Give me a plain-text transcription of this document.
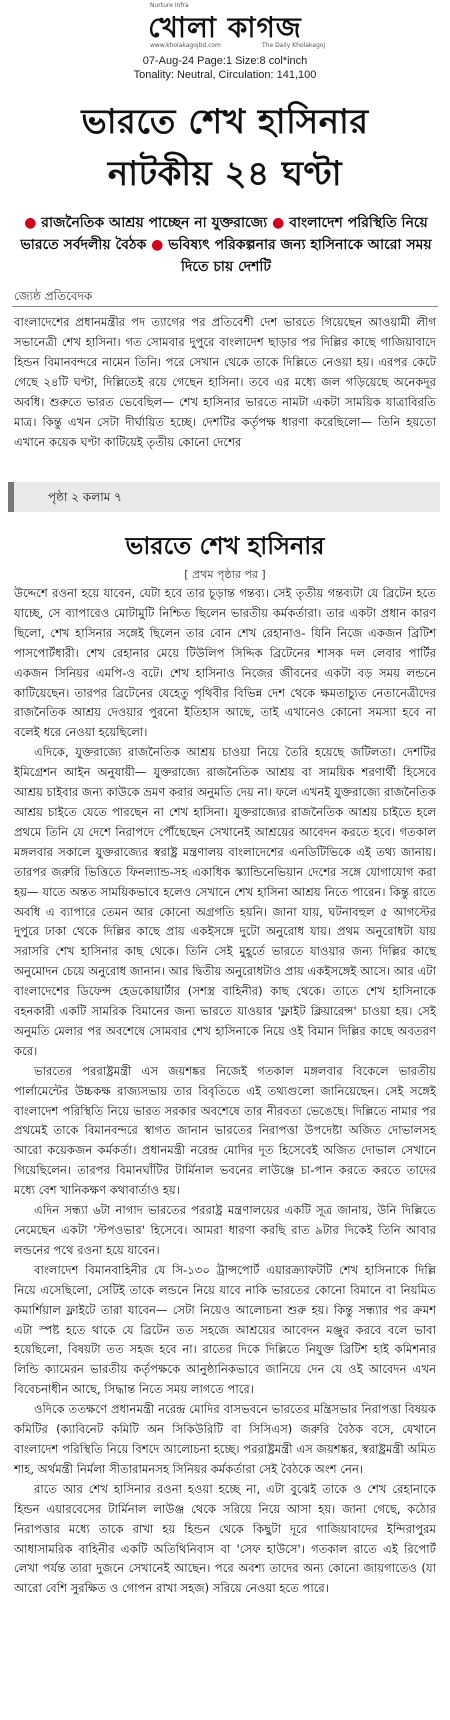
Nurture Infra
খোলা কাগজ
www.kholakagojbd.com	The Daily Kholakagoj
07-Aug-24 Page:1 Size:8 col*inch
Tonality: Neutral, Circulation: 141,100
ভারতে শেখ হাসিনার
নাটকীয় ২৪ ঘণ্টা
● রাজনৈতিক আশ্রয় পাচ্ছেন না যুক্তরাজ্যে ● বাংলাদেশ পরিস্থিতি নিয়ে ভারতে সর্বদলীয় বৈঠক ● ভবিষ্যৎ পরিকল্পনার জন্য হাসিনাকে আরো সময় দিতে চায় দেশটি
জ্যেষ্ঠ প্রতিবেদক
বাংলাদেশের প্রধানমন্ত্রীর পদ ত্যাগের পর প্রতিবেশী দেশ ভারতে গিয়েছেন আওয়ামী লীগ সভানেত্রী শেখ হাসিনা। গত সোমবার দুপুরে বাংলাদেশ ছাড়ার পর দিল্লির কাছে গাজিয়াবাদে হিন্ডন বিমানবন্দরে নামেন তিনি। পরে সেখান থেকে তাকে দিল্লিতে নেওয়া হয়। এরপর কেটে গেছে ২৪টি ঘণ্টা, দিল্লিতেই রয়ে গেছেন হাসিনা। তবে এর মধ্যে জল গড়িয়েছে অনেকদূর অবধি। শুরুতে ভারত ভেবেছিল— শেখ হাসিনার ভারতে নামটা একটা সাময়িক যাত্রাবিরতি মাত্র। কিন্তু এখন সেটা দীর্ঘায়িত হচ্ছে। দেশটির কর্তৃপক্ষ ধারণা করেছিলো— তিনি হয়তো এখানে কয়েক ঘণ্টা কাটিয়েই তৃতীয় কোনো দেশের
পৃষ্ঠা ২ কলাম ৭
ভারতে শেখ হাসিনার
[ প্রথম পৃষ্ঠার পর ]

উদ্দেশে রওনা হয়ে যাবেন, যেটা হবে তার চূড়ান্ত গন্তব্য। সেই তৃতীয় গন্তব্যটা যে ব্রিটেন হতে যাচ্ছে, সে ব্যাপারেও মোটামুটি নিশ্চিত ছিলেন ভারতীয় কর্মকর্তারা। তার একটা প্রধান কারণ ছিলো, শেখ হাসিনার সঙ্গেই ছিলেন তার বোন শেখ রেহানাও- যিনি নিজে একজন ব্রিটিশ পাসপোর্টধারী। শেখ রেহানার মেয়ে টিউলিপ সিদ্দিক ব্রিটেনের শাসক দল লেবার পার্টির একজন সিনিয়র এমপি-ও বটে। শেখ হাসিনাও নিজের জীবনের একটা বড় সময় লন্ডনে কাটিয়েছেন। তারপর ব্রিটেনের যেহেতু পৃথিবীর বিভিন্ন দেশ থেকে ক্ষমতাচ্যুত নেতানেত্রীদের রাজনৈতিক আশ্রয় দেওয়ার পুরনো ইতিহাস আছে, তাই এখানেও কোনো সমস্যা হবে না বলেই ধরে নেওয়া হয়েছিলো।

এদিকে, যুক্তরাজ্যে রাজনৈতিক আশ্রয় চাওয়া নিয়ে তৈরি হয়েছে জটিলতা। দেশটির ইমিগ্রেশন আইন অনুযায়ী— যুক্তরাজ্যে রাজনৈতিক আশ্রয় বা সাময়িক শরণার্থী হিসেবে আশ্রয় চাইবার জন্য কাউকে ভ্রমণ করার অনুমতি দেয় না। ফলে এখনই যুক্তরাজ্যে রাজনৈতিক আশ্রয় চাইতে যেতে পারছেন না শেখ হাসিনা। যুক্তরাজ্যের রাজনৈতিক আশ্রয় চাইতে হলে প্রথমে তিনি যে দেশে নিরাপদে পৌঁছেছেন সেখানেই আশ্রয়ের আবেদন করতে হবে। গতকাল মঙ্গলবার সকালে যুক্তরাজ্যের স্বরাষ্ট্র মন্ত্রণালয় বাংলাদেশের এনডিটিভিকে এই তথ্য জানায়। তারপর জরুরি ভিত্তিতে ফিনল্যান্ড-সহ একাধিক স্ক্যান্ডিনেভিয়ান দেশের সঙ্গে যোগাযোগ করা হয়— যাতে অন্তত সাময়িকভাবে হলেও সেখানে শেখ হাসিনা আশ্রয় নিতে পারেন। কিন্তু রাতে অবধি এ ব্যাপারে তেমন আর কোনো অগ্রগতি হয়নি। জানা যায়, ঘটনাবহুল ৫ আগস্টের দুপুরে ঢাকা থেকে দিল্লির কাছে প্রায় একইসঙ্গে দুটো অনুরোধ যায়। প্রথম অনুরোধটা যায় সরাসরি শেখ হাসিনার কাছ থেকে। তিনি সেই মুহূর্তে ভারতে যাওয়ার জন্য দিল্লির কাছে অনুমোদন চেয়ে অনুরোধ জানান। আর দ্বিতীয় অনুরোধটাও প্রায় একইসঙ্গেই আসে। আর এটা বাংলাদেশের ডিফেন্স হেডকোয়ার্টার (সশস্ত্র বাহিনীর) কাছ থেকে। তাতে শেখ হাসিনাকে বহনকারী একটি সামরিক বিমানের জন্য ভারতে যাওয়ার 'ফ্লাইট ক্লিয়ারেন্স' চাওয়া হয়। সেই অনুমতি মেলার পর অবশেষে সোমবার শেখ হাসিনাকে নিয়ে ওই বিমান দিল্লির কাছে অবতরণ করে।

ভারতের পররাষ্ট্রমন্ত্রী এস জয়শঙ্কর নিজেই গতকাল মঙ্গলবার বিকেলে ভারতীয় পার্লামেন্টের উচ্চকক্ষ রাজ্যসভায় তার বিবৃতিতে এই তথ্যগুলো জানিয়েছেন। সেই সঙ্গেই বাংলাদেশ পরিস্থিতি নিয়ে ভারত সরকার অবশেষে তার নীরবতা ভেঙেছে। দিল্লিতে নামার পর প্রথমেই তাকে বিমানবন্দরে স্বাগত জানান ভারতের নিরাপত্তা উপদেষ্টা অজিত দোভালসহ আরো কয়েকজন কর্মকর্তা। প্রধানমন্ত্রী নরেন্দ্র মোদির দূত হিসেবেই অজিত দোভাল সেখানে গিয়েছিলেন। তারপর বিমানঘাঁটির টার্মিনাল ভবনের লাউঞ্জে চা-পান করতে করতে তাদের মধ্যে বেশ খানিকক্ষণ কথাবার্তাও হয়।

এদিন সন্ধ্যা ৬টা নাগাদ ভারতের পররাষ্ট্র মন্ত্রণালয়ের একটি সূত্র জানায়, উনি দিল্লিতে নেমেছেন একটা 'স্টপওভার' হিসেবে। আমরা ধারণা করছি রাত ৯টার দিকেই তিনি আবার লন্ডনের পথে রওনা হয়ে যাবেন।

বাংলাদেশ বিমানবাহিনীর যে সি-১৩০ ট্রান্সপোর্ট এয়ারক্র্যাফটটি শেখ হাসিনাকে দিল্লি নিয়ে এসেছিলো, সেটিই তাকে লন্ডনে নিয়ে যাবে নাকি ভারতের কোনো বিমানে বা নিয়মিত কমার্শিয়াল ফ্লাইটে তারা যাবেন— সেটা নিয়েও আলোচনা শুরু হয়। কিন্তু সন্ধ্যার পর ক্রমশ এটা স্পষ্ট হতে থাকে যে ব্রিটেন তত সহজে আশ্রয়ের আবেদন মঞ্জুর করবে বলে ভাবা হয়েছিলো, বিষয়টা তত সহজ হবে না। রাতের দিকে দিল্লিতে নিযুক্ত ব্রিটিশ হাই কমিশনার লিন্ডি ক্যামেরন ভারতীয় কর্তৃপক্ষকে আনুষ্ঠানিকভাবে জানিয়ে দেন যে ওই আবেদন এখন বিবেচনাধীন আছে, সিদ্ধান্ত নিতে সময় লাগতে পারে।

ওদিকে ততক্ষণে প্রধানমন্ত্রী নরেন্দ্র মোদির বাসভবনে ভারতের মন্ত্রিসভার নিরাপত্তা বিষয়ক কমিটির (ক্যাবিনেট কমিটি অন সিকিউরিটি বা সিসিএস) জরুরি বৈঠক বসে, যেখানে বাংলাদেশ পরিস্থিতি নিয়ে বিশদে আলোচনা হচ্ছে। পররাষ্ট্রমন্ত্রী এস জয়শঙ্কর, স্বরাষ্ট্রমন্ত্রী অমিত শাহ, অর্থমন্ত্রী নির্মলা সীতারামনসহ সিনিয়র কর্মকর্তারা সেই বৈঠকে অংশ নেন।

রাতে আর শেখ হাসিনার রওনা হওয়া হচ্ছে না, এটা বুঝেই তাকে ও শেখ রেহানাকে হিন্ডন এয়ারবেসের টার্মিনাল লাউঞ্জ থেকে সরিয়ে নিয়ে আসা হয়। জানা গেছে, কঠোর নিরাপত্তার মধ্যে তাকে রাখা হয় হিন্ডন থেকে কিছুটা দূরে গাজিয়াবাদের ইন্দিরাপুরম আধাসামরিক বাহিনীর একটি অতিথিনিবাস বা 'সেফ হাউসে'। গতকাল রাতে এই রিপোর্ট লেখা পর্যন্ত তারা দুজনে সেখানেই আছেন। পরে অবশ্য তাদের অন্য কোনো জায়গাতেও (যা আরো বেশি সুরক্ষিত ও গোপন রাখা সহজ) সরিয়ে নেওয়া হতে পারে।
